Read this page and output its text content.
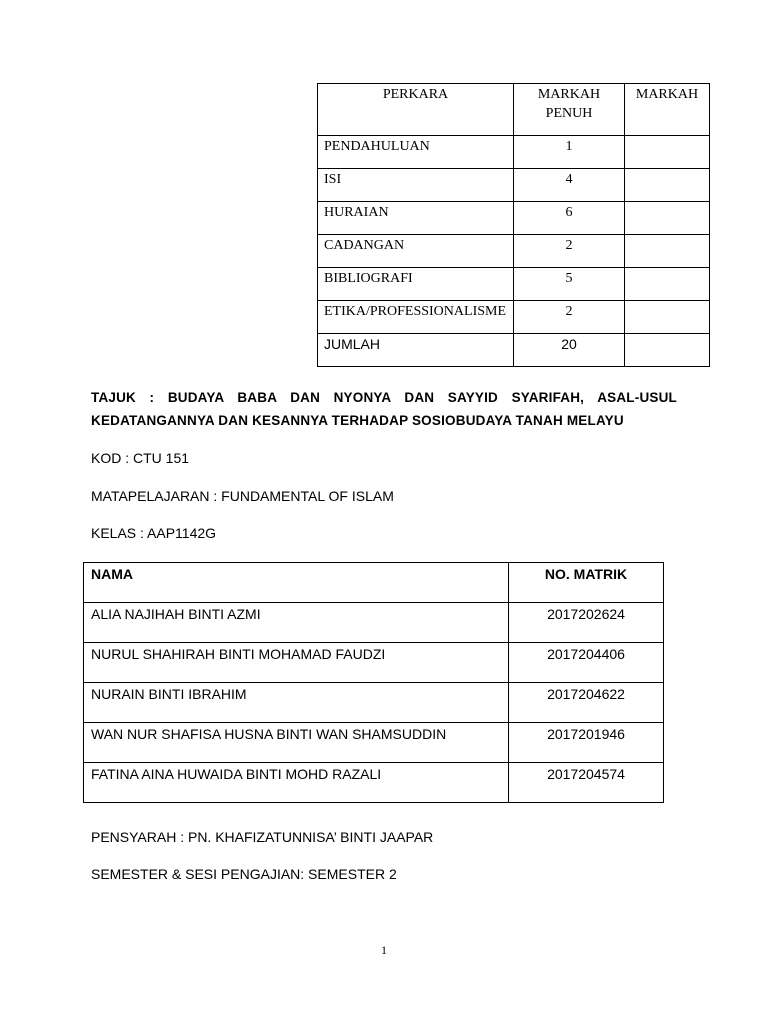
PERKARA	MARKAH PENUH	MARKAH
PENDAHULUAN	1	
ISI	4	
HURAIAN	6	
CADANGAN	2	
BIBLIOGRAFI	5	
ETIKA/PROFESSIONALISME	2	
JUMLAH	20	
TAJUK : BUDAYA BABA DAN NYONYA DAN SAYYID SYARIFAH, ASAL-USUL
KEDATANGANNYA DAN KESANNYA TERHADAP SOSIOBUDAYA TANAH MELAYU
KOD : CTU 151
MATAPELAJARAN : FUNDAMENTAL OF ISLAM
KELAS : AAP1142G
NAMA	NO. MATRIK
ALIA NAJIHAH BINTI AZMI	2017202624
NURUL SHAHIRAH BINTI MOHAMAD FAUDZI	2017204406
NURAIN BINTI IBRAHIM	2017204622
WAN NUR SHAFISA HUSNA BINTI WAN SHAMSUDDIN	2017201946
FATINA AINA HUWAIDA BINTI MOHD RAZALI	2017204574
PENSYARAH : PN. KHAFIZATUNNISA’ BINTI JAAPAR
SEMESTER & SESI PENGAJIAN: SEMESTER 2
1
